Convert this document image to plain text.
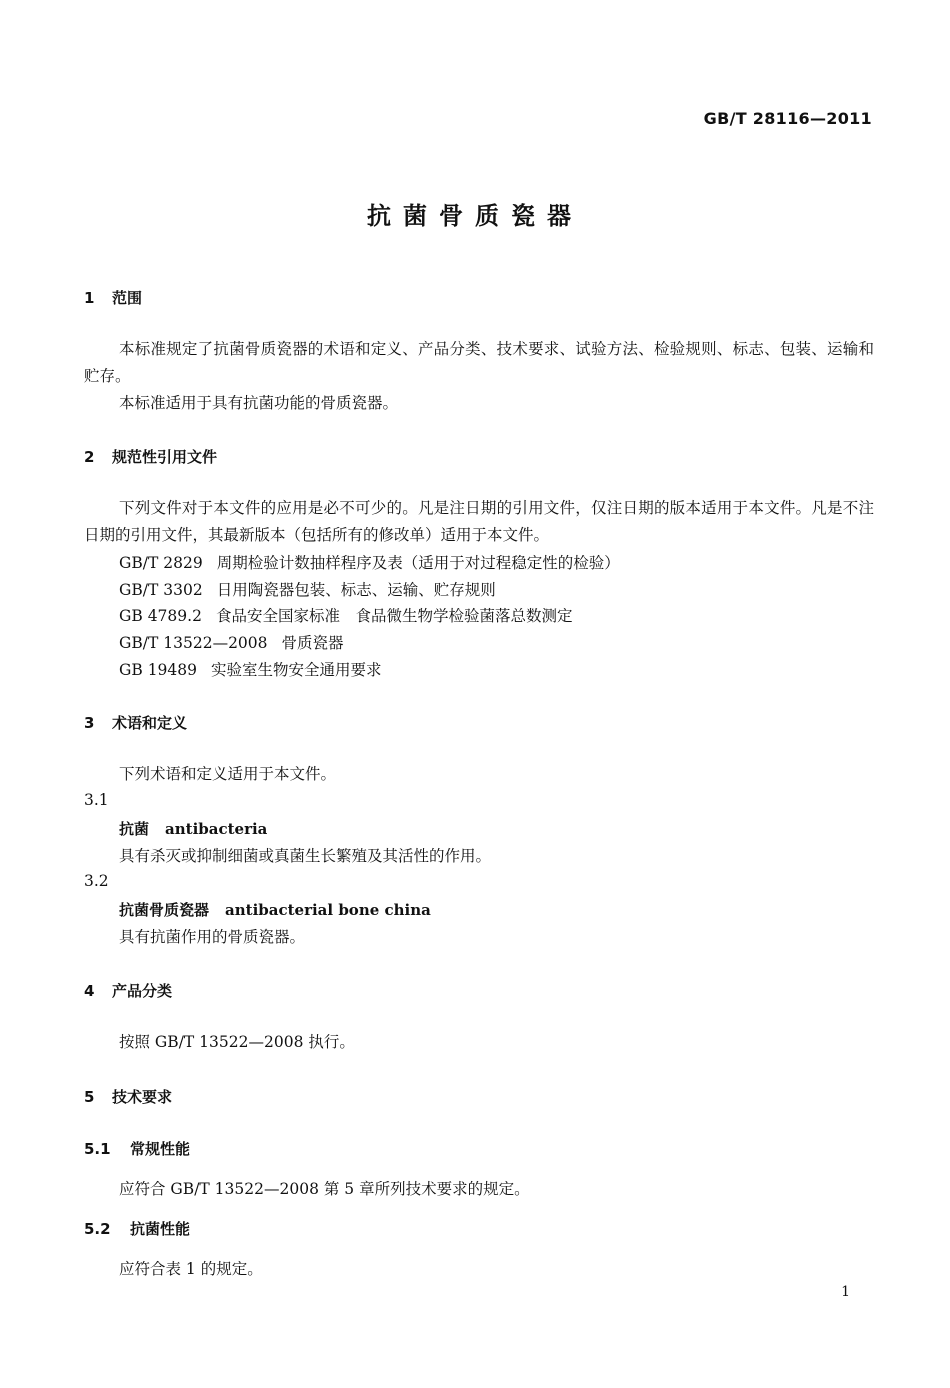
GB/T 28116—2011
抗菌骨质瓷器
1 范围
本标准规定了抗菌骨质瓷器的术语和定义、产品分类、技术要求、试验方法、检验规则、标志、包装、运输和贮存。
本标准适用于具有抗菌功能的骨质瓷器。
2 规范性引用文件
下列文件对于本文件的应用是必不可少的。凡是注日期的引用文件，仅注日期的版本适用于本文件。凡是不注日期的引用文件，其最新版本（包括所有的修改单）适用于本文件。
GB/T 2829 周期检验计数抽样程序及表（适用于对过程稳定性的检验）
GB/T 3302 日用陶瓷器包装、标志、运输、贮存规则
GB 4789.2 食品安全国家标准　食品微生物学检验菌落总数测定
GB/T 13522—2008 骨质瓷器
GB 19489 实验室生物安全通用要求
3 术语和定义
下列术语和定义适用于本文件。
3.1
抗菌 antibacteria
具有杀灭或抑制细菌或真菌生长繁殖及其活性的作用。
3.2
抗菌骨质瓷器 antibacterial bone china
具有抗菌作用的骨质瓷器。
4 产品分类
按照 GB/T 13522—2008 执行。
5 技术要求
5.1 常规性能
应符合 GB/T 13522—2008 第 5 章所列技术要求的规定。
5.2 抗菌性能
应符合表 1 的规定。
1
